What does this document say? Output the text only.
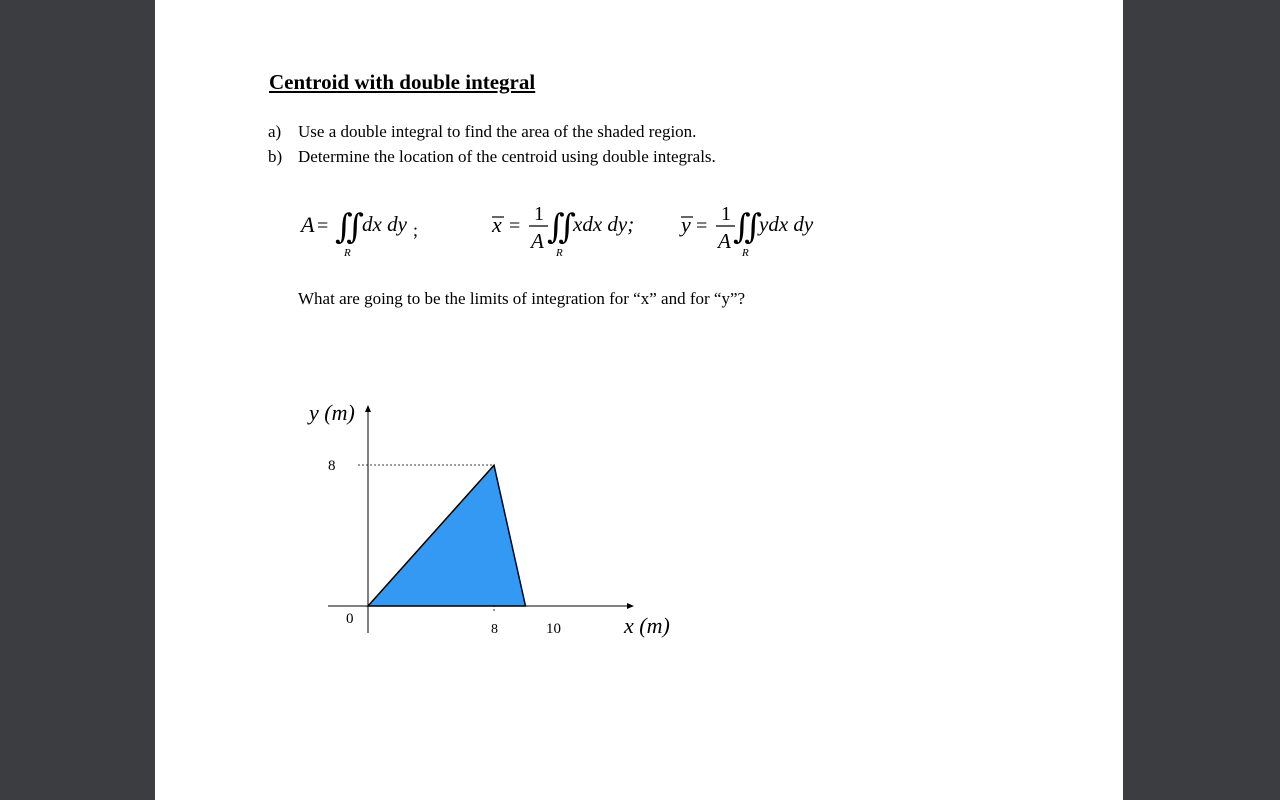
Centroid with double integral
a) Use a double integral to find the area of the shaded region.
b) Determine the location of the centroid using double integrals.
A = ∬
dx dy ;
R
x =
1
A ∬
xdx dy;
R
y =
1
A ∬
ydx dy
R
What are going to be the limits of integration for “x” and for “y”?
y (m)
x (m)
8
0
8	10
